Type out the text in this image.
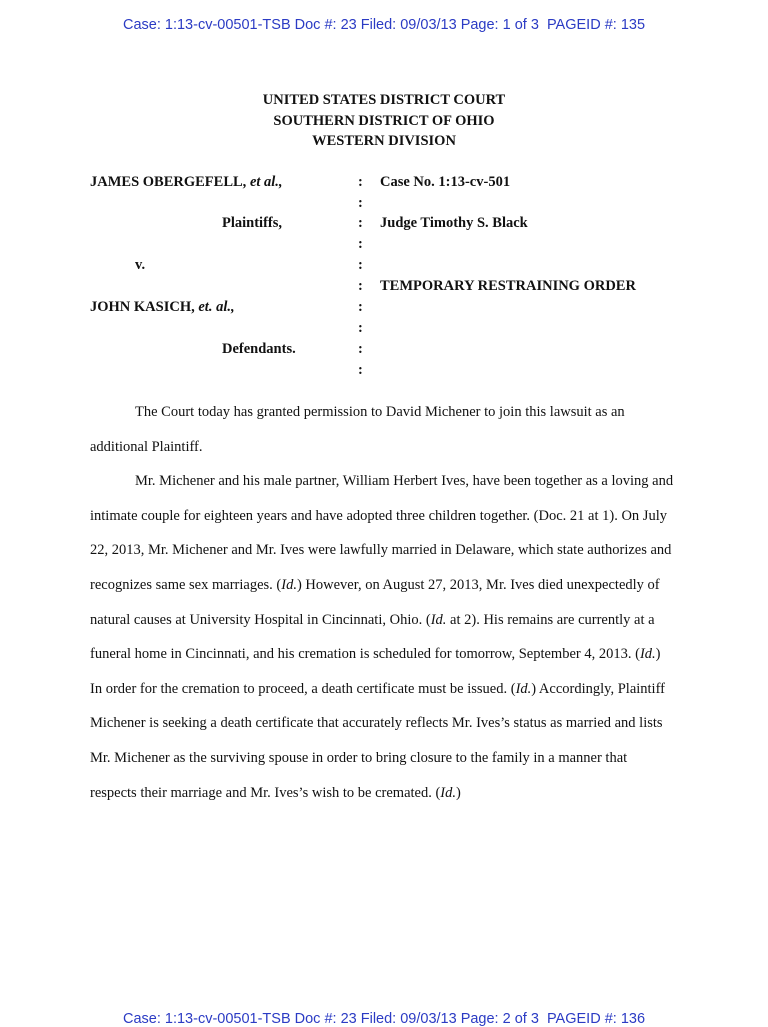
Case: 1:13-cv-00501-TSB Doc #: 23 Filed: 09/03/13 Page: 1 of 3  PAGEID #: 135
UNITED STATES DISTRICT COURT
SOUTHERN DISTRICT OF OHIO
WESTERN DIVISION
JAMES OBERGEFELL, et al.,
Plaintiffs,
v.
JOHN KASICH, et. al.,
Defendants.
:
:
:
:
:
:
:
:
:
:
Case No. 1:13-cv-501
Judge Timothy S. Black
TEMPORARY RESTRAINING ORDER

The Court today has granted permission to David Michener to join this lawsuit as an additional Plaintiff.

Mr. Michener and his male partner, William Herbert Ives, have been together as a loving and intimate couple for eighteen years and have adopted three children together. (Doc. 21 at 1). On July 22, 2013, Mr. Michener and Mr. Ives were lawfully married in Delaware, which state authorizes and recognizes same sex marriages. (Id.) However, on August 27, 2013, Mr. Ives died unexpectedly of natural causes at University Hospital in Cincinnati, Ohio. (Id. at 2). His remains are currently at a funeral home in Cincinnati, and his cremation is scheduled for tomorrow, September 4, 2013. (Id.) In order for the cremation to proceed, a death certificate must be issued. (Id.) Accordingly, Plaintiff Michener is seeking a death certificate that accurately reflects Mr. Ives’s status as married and lists Mr. Michener as the surviving spouse in order to bring closure to the family in a manner that respects their marriage and Mr. Ives’s wish to be cremated. (Id.)

Case: 1:13-cv-00501-TSB Doc #: 23 Filed: 09/03/13 Page: 2 of 3  PAGEID #: 136
